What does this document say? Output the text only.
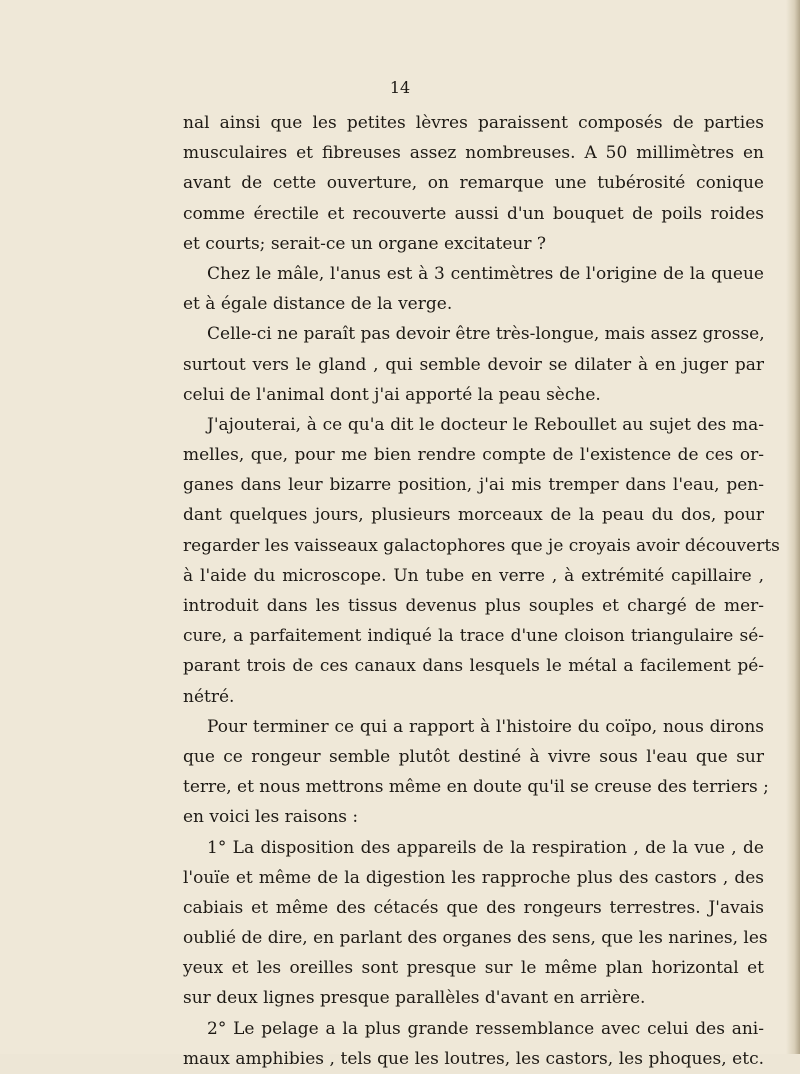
14
nal ainsi que les petites lèvres paraissent composés de parties
musculaires et fibreuses assez nombreuses. A 50 millimètres en
avant de cette ouverture, on remarque une tubérosité conique
comme érectile et recouverte aussi d'un bouquet de poils roides
et courts; serait-ce un organe excitateur ?
Chez le mâle, l'anus est à 3 centimètres de l'origine de la queue
et à égale distance de la verge.
Celle-ci ne paraît pas devoir être très-longue, mais assez grosse,
surtout vers le gland , qui semble devoir se dilater à en juger par
celui de l'animal dont j'ai apporté la peau sèche.
J'ajouterai, à ce qu'a dit le docteur le Reboullet au sujet des ma-
melles, que, pour me bien rendre compte de l'existence de ces or-
ganes dans leur bizarre position, j'ai mis tremper dans l'eau, pen-
dant quelques jours, plusieurs morceaux de la peau du dos, pour
regarder les vaisseaux galactophores que je croyais avoir découverts
à l'aide du microscope. Un tube en verre , à extrémité capillaire ,
introduit dans les tissus devenus plus souples et chargé de mer-
cure, a parfaitement indiqué la trace d'une cloison triangulaire sé-
parant trois de ces canaux dans lesquels le métal a facilement pé-
nétré.
Pour terminer ce qui a rapport à l'histoire du coïpo, nous dirons
que ce rongeur semble plutôt destiné à vivre sous l'eau que sur
terre, et nous mettrons même en doute qu'il se creuse des terriers ;
en voici les raisons :
1° La disposition des appareils de la respiration , de la vue , de
l'ouïe et même de la digestion les rapproche plus des castors , des
cabiais et même des cétacés que des rongeurs terrestres. J'avais
oublié de dire, en parlant des organes des sens, que les narines, les
yeux et les oreilles sont presque sur le même plan horizontal et
sur deux lignes presque parallèles d'avant en arrière.
2° Le pelage a la plus grande ressemblance avec celui des ani-
maux amphibies , tels que les loutres, les castors, les phoques, etc.
